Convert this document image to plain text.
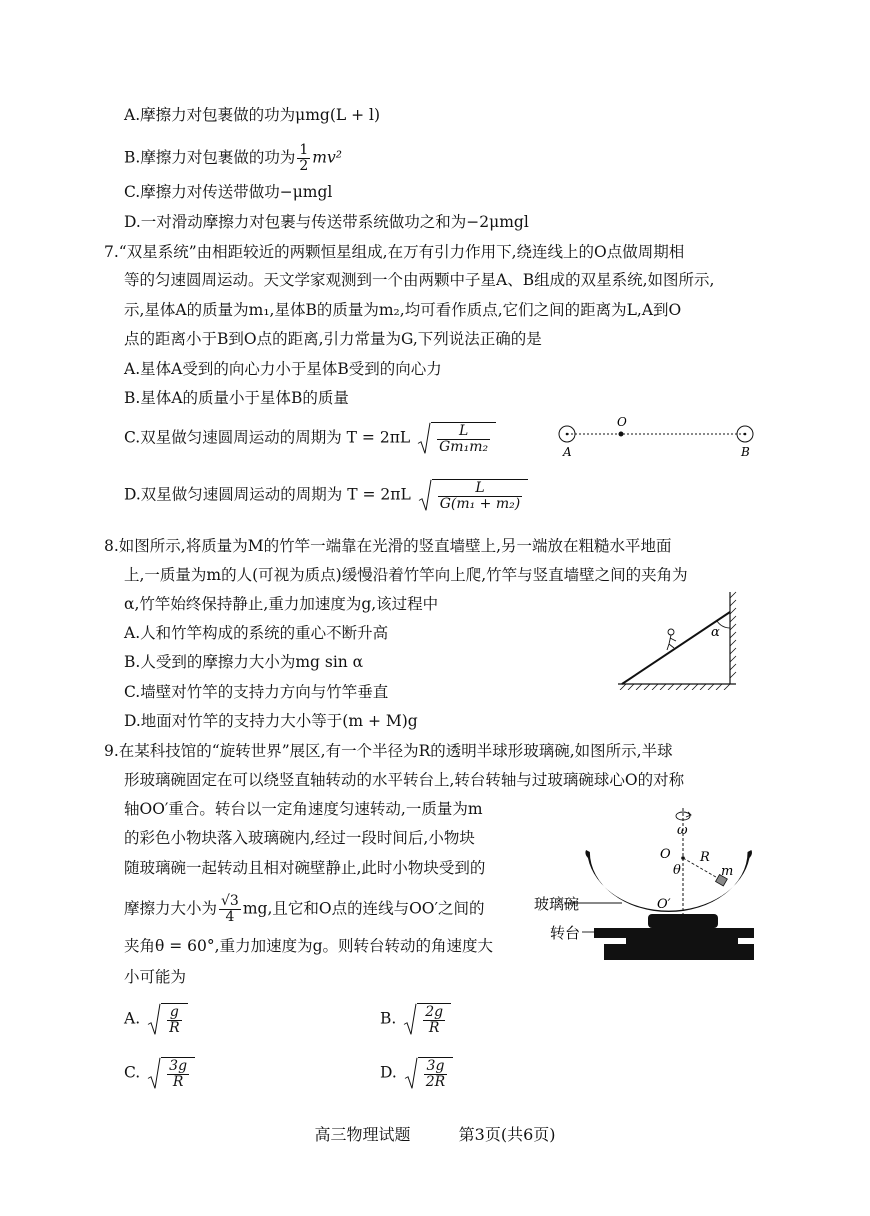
A.摩擦力对包裹做的功为μmg(L + l)
B.摩擦力对包裹做的功为 $\frac{1}{2} mv^2$
C.摩擦力对传送带做功−μmgl
D.一对滑动摩擦力对包裹与传送带系统做功之和为−2μmgl
7.“双星系统”由相距较近的两颗恒星组成,在万有引力作用下,绕连线上的O点做周期相
等的匀速圆周运动。天文学家观测到一个由两颗中子星A、B组成的双星系统,如图所示,
示,星体A的质量为m₁,星体B的质量为m₂,均可看作质点,它们之间的距离为L,A到O
点的距离小于B到O点的距离,引力常量为G,下列说法正确的是
A.星体A受到的向心力小于星体B受到的向心力
B.星体A的质量小于星体B的质量
C.双星做匀速圆周运动的周期为 $T = 2\pi L \frac{L}{\text{Gm₁m₂}}$
D.双星做匀速圆周运动的周期为 $T = 2\pi L \frac{L}{\text{G(m₁ + m₂)}}$
O
A	B
8.如图所示,将质量为M的竹竿一端靠在光滑的竖直墙壁上,另一端放在粗糙水平地面
上,一质量为m的人(可视为质点)缓慢沿着竹竿向上爬,竹竿与竖直墙壁之间的夹角为
α,竹竿始终保持静止,重力加速度为g,该过程中
A.人和竹竿构成的系统的重心不断升高
B.人受到的摩擦力大小为mg sin α
C.墙壁对竹竿的支持力方向与竹竿垂直
D.地面对竹竿的支持力大小等于(m + M)g
α
9.在某科技馆的“旋转世界”展区,有一个半径为R的透明半球形玻璃碗,如图所示,半球
形玻璃碗固定在可以绕竖直轴转动的水平转台上,转台转轴与过玻璃碗球心O的对称
轴OO′重合。转台以一定角速度匀速转动,一质量为m
的彩色小物块落入玻璃碗内,经过一段时间后,小物块
随玻璃碗一起转动且相对碗壁静止,此时小物块受到的
摩擦力大小为 $\frac{√3}{4}$ mg,且它和O点的连线与OO′之间的
夹角θ = 60°,重力加速度为g。则转台转动的角速度大
小可能为
A. $\frac{g}{R}$	B. $\frac{2g}{R}$
C. $\frac{3g}{R}$	D. $\frac{3g}{2R}$
ω
O R
θ	m
O′
玻璃碗
转台
高三物理试题	第3页(共6页)
